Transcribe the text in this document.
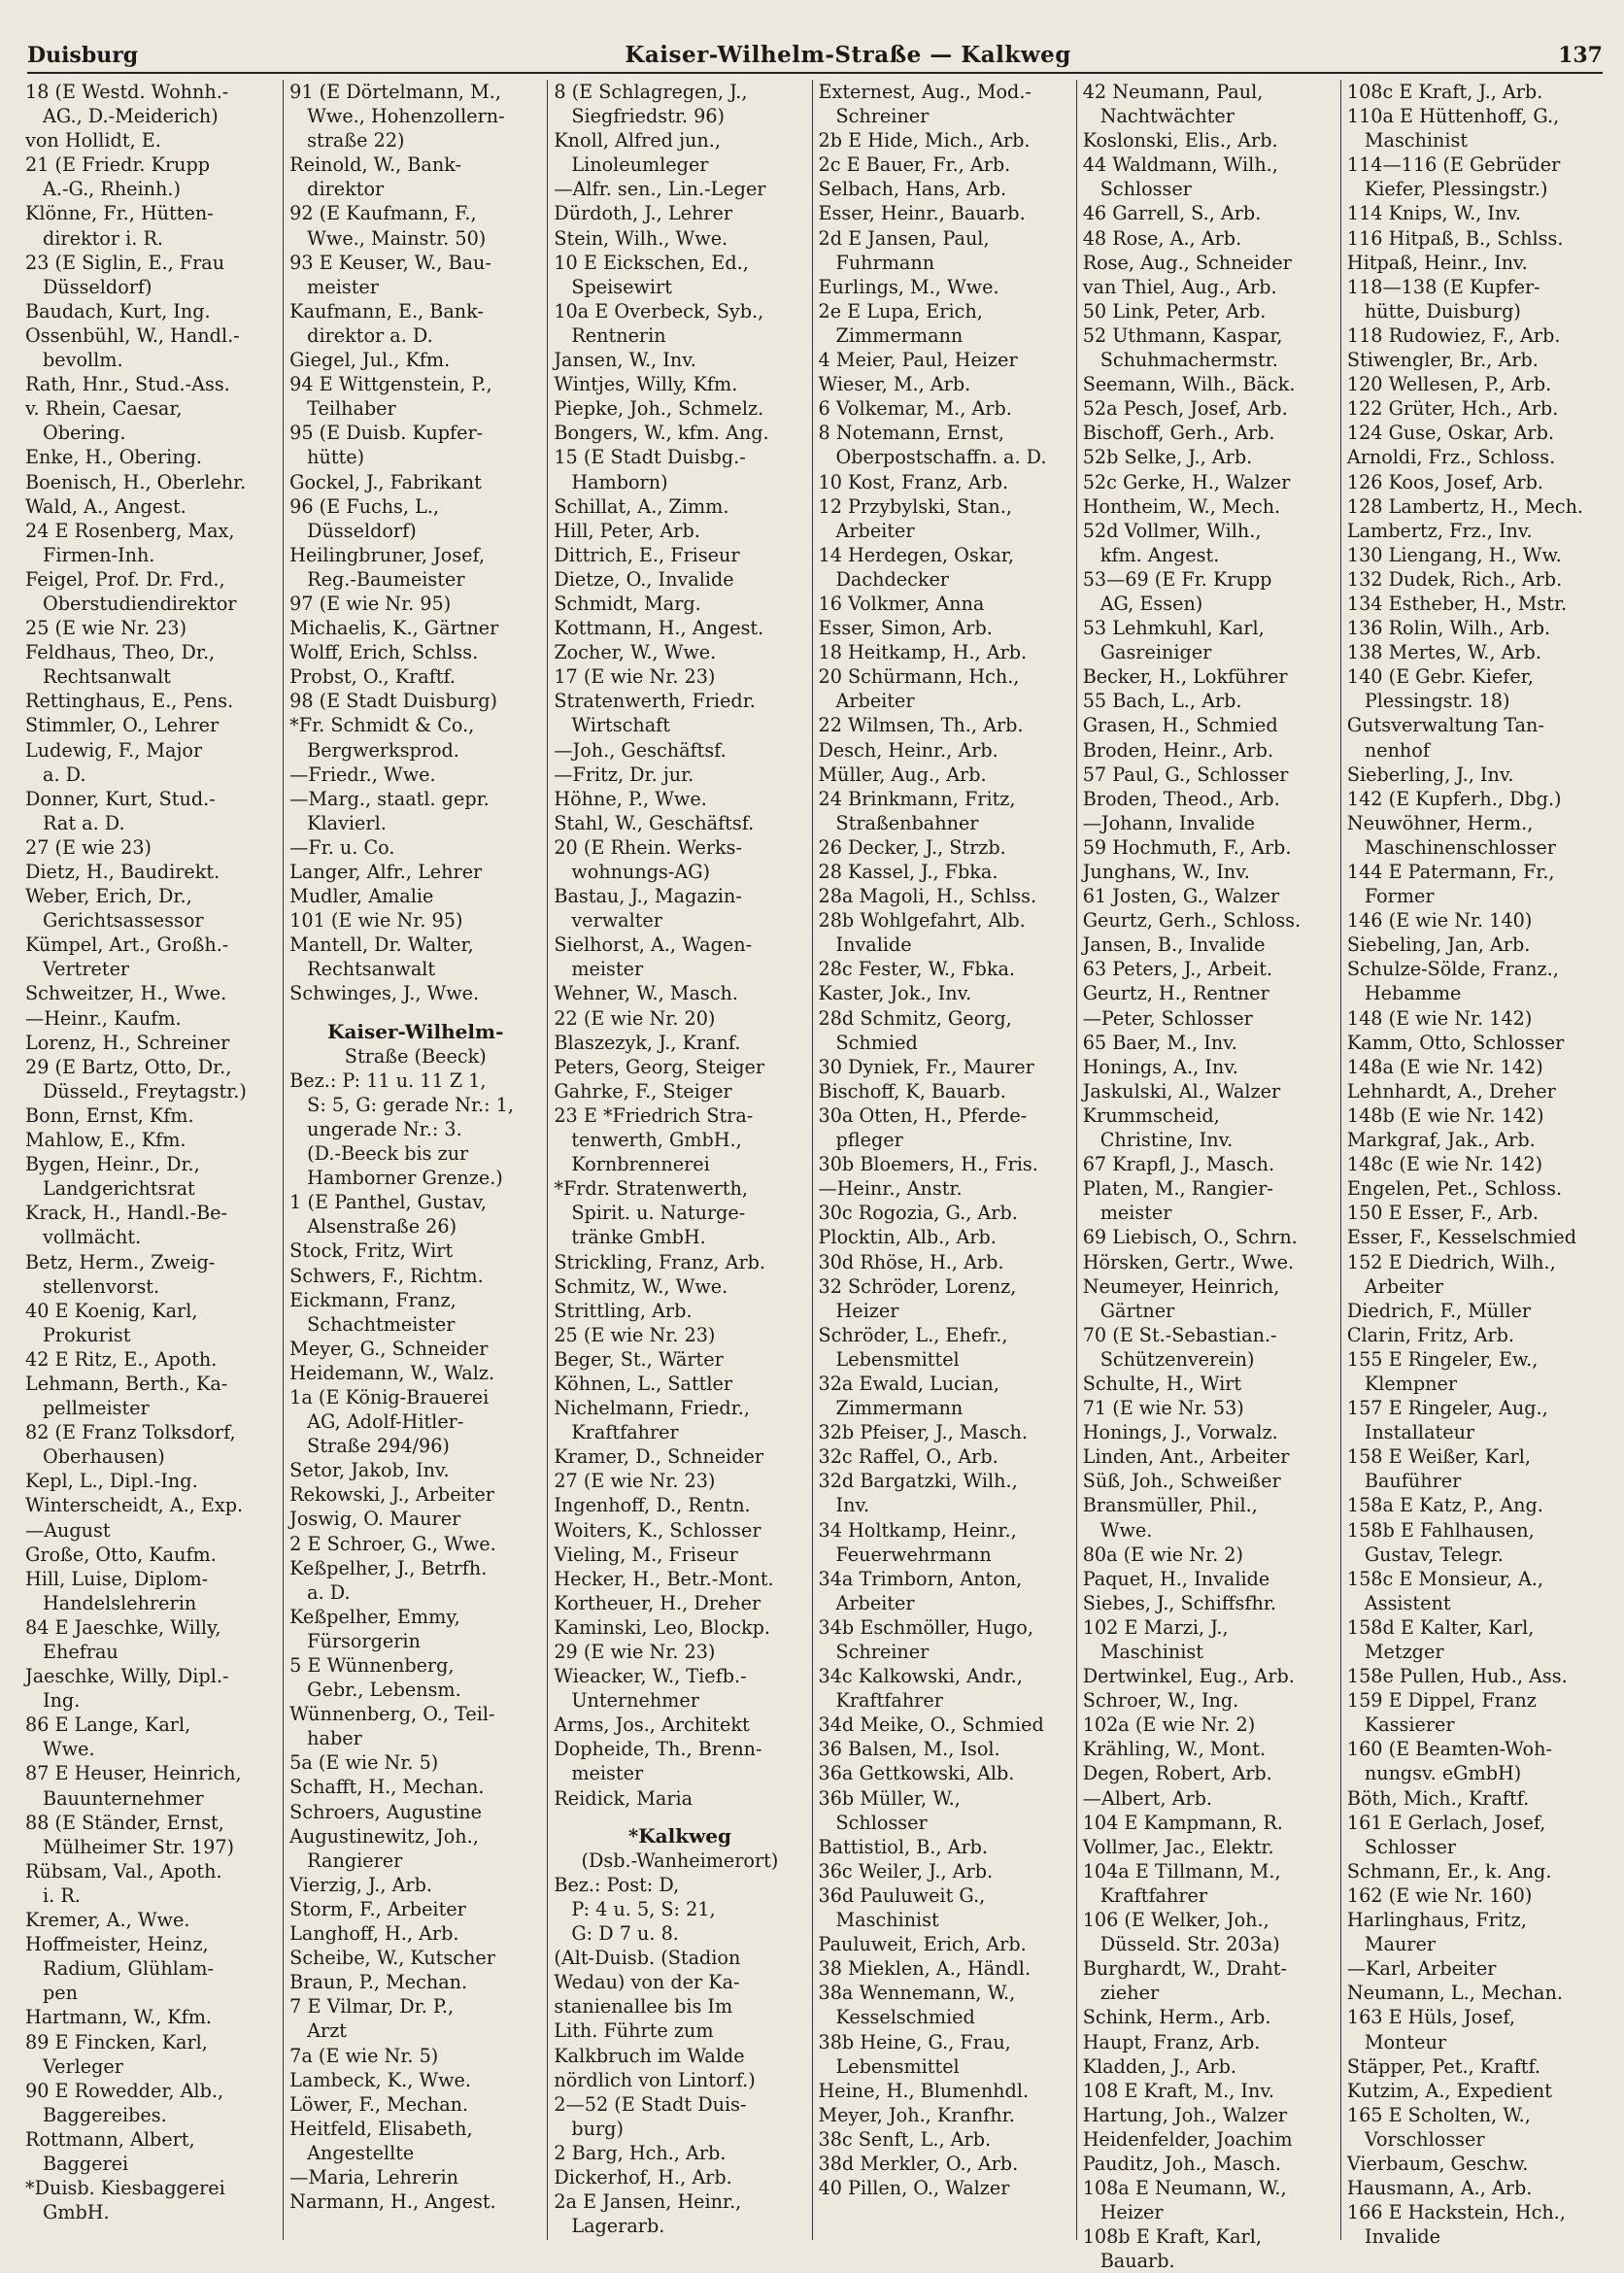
Duisburg	Kaiser-Wilhelm-Straße — Kalkweg	137
18 (E Westd. Wohnh.-
AG., D.-Meiderich)
von Hollidt, E.
21 (E Friedr. Krupp
A.-G., Rheinh.)
Klönne, Fr., Hütten-
direktor i. R.
23 (E Siglin, E., Frau
Düsseldorf)
Baudach, Kurt, Ing.
Ossenbühl, W., Handl.-
bevollm.
Rath, Hnr., Stud.-Ass.
v. Rhein, Caesar,
Obering.
Enke, H., Obering.
Boenisch, H., Oberlehr.
Wald, A., Angest.
24 E Rosenberg, Max,
Firmen-Inh.
Feigel, Prof. Dr. Frd.,
Oberstudiendirektor
25 (E wie Nr. 23)
Feldhaus, Theo, Dr.,
Rechtsanwalt
Rettinghaus, E., Pens.
Stimmler, O., Lehrer
Ludewig, F., Major
a. D.
Donner, Kurt, Stud.-
Rat a. D.
27 (E wie 23)
Dietz, H., Baudirekt.
Weber, Erich, Dr.,
Gerichtsassessor
Kümpel, Art., Großh.-
Vertreter
Schweitzer, H., Wwe.
—Heinr., Kaufm.
Lorenz, H., Schreiner
29 (E Bartz, Otto, Dr.,
Düsseld., Freytagstr.)
Bonn, Ernst, Kfm.
Mahlow, E., Kfm.
Bygen, Heinr., Dr.,
Landgerichtsrat
Krack, H., Handl.-Be-
vollmächt.
Betz, Herm., Zweig-
stellenvorst.
40 E Koenig, Karl,
Prokurist
42 E Ritz, E., Apoth.
Lehmann, Berth., Ka-
pellmeister
82 (E Franz Tolksdorf,
Oberhausen)
Kepl, L., Dipl.-Ing.
Winterscheidt, A., Exp.
—August
Große, Otto, Kaufm.
Hill, Luise, Diplom-
Handelslehrerin
84 E Jaeschke, Willy,
Ehefrau
Jaeschke, Willy, Dipl.-
Ing.
86 E Lange, Karl,
Wwe.
87 E Heuser, Heinrich,
Bauunternehmer
88 (E Ständer, Ernst,
Mülheimer Str. 197)
Rübsam, Val., Apoth.
i. R.
Kremer, A., Wwe.
Hoffmeister, Heinz,
Radium, Glühlam-
pen
Hartmann, W., Kfm.
89 E Fincken, Karl,
Verleger
90 E Rowedder, Alb.,
Baggereibes.
Rottmann, Albert,
Baggerei
*Duisb. Kiesbaggerei
GmbH.
91 (E Dörtelmann, M.,
Wwe., Hohenzollern-
straße 22)
Reinold, W., Bank-
direktor
92 (E Kaufmann, F.,
Wwe., Mainstr. 50)
93 E Keuser, W., Bau-
meister
Kaufmann, E., Bank-
direktor a. D.
Giegel, Jul., Kfm.
94 E Wittgenstein, P.,
Teilhaber
95 (E Duisb. Kupfer-
hütte)
Gockel, J., Fabrikant
96 (E Fuchs, L.,
Düsseldorf)
Heilingbruner, Josef,
Reg.-Baumeister
97 (E wie Nr. 95)
Michaelis, K., Gärtner
Wolff, Erich, Schlss.
Probst, O., Kraftf.
98 (E Stadt Duisburg)
*Fr. Schmidt & Co.,
Bergwerksprod.
—Friedr., Wwe.
—Marg., staatl. gepr.
Klavierl.
—Fr. u. Co.
Langer, Alfr., Lehrer
Mudler, Amalie
101 (E wie Nr. 95)
Mantell, Dr. Walter,
Rechtsanwalt
Schwinges, J., Wwe.
Kaiser-Wilhelm-
Straße (Beeck)
Bez.: P: 11 u. 11 Z 1,
S: 5, G: gerade Nr.: 1,
ungerade Nr.: 3.
(D.-Beeck bis zur
Hamborner Grenze.)
1 (E Panthel, Gustav,
Alsenstraße 26)
Stock, Fritz, Wirt
Schwers, F., Richtm.
Eickmann, Franz,
Schachtmeister
Meyer, G., Schneider
Heidemann, W., Walz.
1a (E König-Brauerei
AG, Adolf-Hitler-
Straße 294/96)
Setor, Jakob, Inv.
Rekowski, J., Arbeiter
Joswig, O. Maurer
2 E Schroer, G., Wwe.
Keßpelher, J., Betrfh.
a. D.
Keßpelher, Emmy,
Fürsorgerin
5 E Wünnenberg,
Gebr., Lebensm.
Wünnenberg, O., Teil-
haber
5a (E wie Nr. 5)
Schafft, H., Mechan.
Schroers, Augustine
Augustinewitz, Joh.,
Rangierer
Vierzig, J., Arb.
Storm, F., Arbeiter
Langhoff, H., Arb.
Scheibe, W., Kutscher
Braun, P., Mechan.
7 E Vilmar, Dr. P.,
Arzt
7a (E wie Nr. 5)
Lambeck, K., Wwe.
Löwer, F., Mechan.
Heitfeld, Elisabeth,
Angestellte
—Maria, Lehrerin
Narmann, H., Angest.
8 (E Schlagregen, J.,
Siegfriedstr. 96)
Knoll, Alfred jun.,
Linoleumleger
—Alfr. sen., Lin.-Leger
Dürdoth, J., Lehrer
Stein, Wilh., Wwe.
10 E Eickschen, Ed.,
Speisewirt
10a E Overbeck, Syb.,
Rentnerin
Jansen, W., Inv.
Wintjes, Willy, Kfm.
Piepke, Joh., Schmelz.
Bongers, W., kfm. Ang.
15 (E Stadt Duisbg.-
Hamborn)
Schillat, A., Zimm.
Hill, Peter, Arb.
Dittrich, E., Friseur
Dietze, O., Invalide
Schmidt, Marg.
Kottmann, H., Angest.
Zocher, W., Wwe.
17 (E wie Nr. 23)
Stratenwerth, Friedr.
Wirtschaft
—Joh., Geschäftsf.
—Fritz, Dr. jur.
Höhne, P., Wwe.
Stahl, W., Geschäftsf.
20 (E Rhein. Werks-
wohnungs-AG)
Bastau, J., Magazin-
verwalter
Sielhorst, A., Wagen-
meister
Wehner, W., Masch.
22 (E wie Nr. 20)
Blaszezyk, J., Kranf.
Peters, Georg, Steiger
Gahrke, F., Steiger
23 E *Friedrich Stra-
tenwerth, GmbH.,
Kornbrennerei
*Frdr. Stratenwerth,
Spirit. u. Naturge-
tränke GmbH.
Strickling, Franz, Arb.
Schmitz, W., Wwe.
Strittling, Arb.
25 (E wie Nr. 23)
Beger, St., Wärter
Köhnen, L., Sattler
Nichelmann, Friedr.,
Kraftfahrer
Kramer, D., Schneider
27 (E wie Nr. 23)
Ingenhoff, D., Rentn.
Woiters, K., Schlosser
Vieling, M., Friseur
Hecker, H., Betr.-Mont.
Kortheuer, H., Dreher
Kaminski, Leo, Blockp.
29 (E wie Nr. 23)
Wieacker, W., Tiefb.-
Unternehmer
Arms, Jos., Architekt
Dopheide, Th., Brenn-
meister
Reidick, Maria
*Kalkweg
(Dsb.-Wanheimerort)
Bez.: Post: D,
P: 4 u. 5, S: 21,
G: D 7 u. 8.
(Alt-Duisb. (Stadion
Wedau) von der Ka-
stanienallee bis Im
Lith. Führte zum
Kalkbruch im Walde
nördlich von Lintorf.)
2—52 (E Stadt Duis-
burg)
2 Barg, Hch., Arb.
Dickerhof, H., Arb.
2a E Jansen, Heinr.,
Lagerarb.
Externest, Aug., Mod.-
Schreiner
2b E Hide, Mich., Arb.
2c E Bauer, Fr., Arb.
Selbach, Hans, Arb.
Esser, Heinr., Bauarb.
2d E Jansen, Paul,
Fuhrmann
Eurlings, M., Wwe.
2e E Lupa, Erich,
Zimmermann
4 Meier, Paul, Heizer
Wieser, M., Arb.
6 Volkemar, M., Arb.
8 Notemann, Ernst,
Oberpostschaffn. a. D.
10 Kost, Franz, Arb.
12 Przybylski, Stan.,
Arbeiter
14 Herdegen, Oskar,
Dachdecker
16 Volkmer, Anna
Esser, Simon, Arb.
18 Heitkamp, H., Arb.
20 Schürmann, Hch.,
Arbeiter
22 Wilmsen, Th., Arb.
Desch, Heinr., Arb.
Müller, Aug., Arb.
24 Brinkmann, Fritz,
Straßenbahner
26 Decker, J., Strzb.
28 Kassel, J., Fbka.
28a Magoli, H., Schlss.
28b Wohlgefahrt, Alb.
Invalide
28c Fester, W., Fbka.
Kaster, Jok., Inv.
28d Schmitz, Georg,
Schmied
30 Dyniek, Fr., Maurer
Bischoff, K, Bauarb.
30a Otten, H., Pferde-
pfleger
30b Bloemers, H., Fris.
—Heinr., Anstr.
30c Rogozia, G., Arb.
Plocktin, Alb., Arb.
30d Rhöse, H., Arb.
32 Schröder, Lorenz,
Heizer
Schröder, L., Ehefr.,
Lebensmittel
32a Ewald, Lucian,
Zimmermann
32b Pfeiser, J., Masch.
32c Raffel, O., Arb.
32d Bargatzki, Wilh.,
Inv.
34 Holtkamp, Heinr.,
Feuerwehrmann
34a Trimborn, Anton,
Arbeiter
34b Eschmöller, Hugo,
Schreiner
34c Kalkowski, Andr.,
Kraftfahrer
34d Meike, O., Schmied
36 Balsen, M., Isol.
36a Gettkowski, Alb.
36b Müller, W.,
Schlosser
Battistiol, B., Arb.
36c Weiler, J., Arb.
36d Pauluweit G.,
Maschinist
Pauluweit, Erich, Arb.
38 Mieklen, A., Händl.
38a Wennemann, W.,
Kesselschmied
38b Heine, G., Frau,
Lebensmittel
Heine, H., Blumenhdl.
Meyer, Joh., Kranfhr.
38c Senft, L., Arb.
38d Merkler, O., Arb.
40 Pillen, O., Walzer
42 Neumann, Paul,
Nachtwächter
Koslonski, Elis., Arb.
44 Waldmann, Wilh.,
Schlosser
46 Garrell, S., Arb.
48 Rose, A., Arb.
Rose, Aug., Schneider
van Thiel, Aug., Arb.
50 Link, Peter, Arb.
52 Uthmann, Kaspar,
Schuhmachermstr.
Seemann, Wilh., Bäck.
52a Pesch, Josef, Arb.
Bischoff, Gerh., Arb.
52b Selke, J., Arb.
52c Gerke, H., Walzer
Hontheim, W., Mech.
52d Vollmer, Wilh.,
kfm. Angest.
53—69 (E Fr. Krupp
AG, Essen)
53 Lehmkuhl, Karl,
Gasreiniger
Becker, H., Lokführer
55 Bach, L., Arb.
Grasen, H., Schmied
Broden, Heinr., Arb.
57 Paul, G., Schlosser
Broden, Theod., Arb.
—Johann, Invalide
59 Hochmuth, F., Arb.
Junghans, W., Inv.
61 Josten, G., Walzer
Geurtz, Gerh., Schloss.
Jansen, B., Invalide
63 Peters, J., Arbeit.
Geurtz, H., Rentner
—Peter, Schlosser
65 Baer, M., Inv.
Honings, A., Inv.
Jaskulski, Al., Walzer
Krummscheid,
Christine, Inv.
67 Krapfl, J., Masch.
Platen, M., Rangier-
meister
69 Liebisch, O., Schrn.
Hörsken, Gertr., Wwe.
Neumeyer, Heinrich,
Gärtner
70 (E St.-Sebastian.-
Schützenverein)
Schulte, H., Wirt
71 (E wie Nr. 53)
Honings, J., Vorwalz.
Linden, Ant., Arbeiter
Süß, Joh., Schweißer
Bransmüller, Phil.,
Wwe.
80a (E wie Nr. 2)
Paquet, H., Invalide
Siebes, J., Schiffsfhr.
102 E Marzi, J.,
Maschinist
Dertwinkel, Eug., Arb.
Schroer, W., Ing.
102a (E wie Nr. 2)
Krähling, W., Mont.
Degen, Robert, Arb.
—Albert, Arb.
104 E Kampmann, R.
Vollmer, Jac., Elektr.
104a E Tillmann, M.,
Kraftfahrer
106 (E Welker, Joh.,
Düsseld. Str. 203a)
Burghardt, W., Draht-
zieher
Schink, Herm., Arb.
Haupt, Franz, Arb.
Kladden, J., Arb.
108 E Kraft, M., Inv.
Hartung, Joh., Walzer
Heidenfelder, Joachim
Pauditz, Joh., Masch.
108a E Neumann, W.,
Heizer
108b E Kraft, Karl,
Bauarb.
108c E Kraft, J., Arb.
110a E Hüttenhoff, G.,
Maschinist
114—116 (E Gebrüder
Kiefer, Plessingstr.)
114 Knips, W., Inv.
116 Hitpaß, B., Schlss.
Hitpaß, Heinr., Inv.
118—138 (E Kupfer-
hütte, Duisburg)
118 Rudowiez, F., Arb.
Stiwengler, Br., Arb.
120 Wellesen, P., Arb.
122 Grüter, Hch., Arb.
124 Guse, Oskar, Arb.
Arnoldi, Frz., Schloss.
126 Koos, Josef, Arb.
128 Lambertz, H., Mech.
Lambertz, Frz., Inv.
130 Liengang, H., Ww.
132 Dudek, Rich., Arb.
134 Estheber, H., Mstr.
136 Rolin, Wilh., Arb.
138 Mertes, W., Arb.
140 (E Gebr. Kiefer,
Plessingstr. 18)
Gutsverwaltung Tan-
nenhof
Sieberling, J., Inv.
142 (E Kupferh., Dbg.)
Neuwöhner, Herm.,
Maschinenschlosser
144 E Patermann, Fr.,
Former
146 (E wie Nr. 140)
Siebeling, Jan, Arb.
Schulze-Sölde, Franz.,
Hebamme
148 (E wie Nr. 142)
Kamm, Otto, Schlosser
148a (E wie Nr. 142)
Lehnhardt, A., Dreher
148b (E wie Nr. 142)
Markgraf, Jak., Arb.
148c (E wie Nr. 142)
Engelen, Pet., Schloss.
150 E Esser, F., Arb.
Esser, F., Kesselschmied
152 E Diedrich, Wilh.,
Arbeiter
Diedrich, F., Müller
Clarin, Fritz, Arb.
155 E Ringeler, Ew.,
Klempner
157 E Ringeler, Aug.,
Installateur
158 E Weißer, Karl,
Bauführer
158a E Katz, P., Ang.
158b E Fahlhausen,
Gustav, Telegr.
158c E Monsieur, A.,
Assistent
158d E Kalter, Karl,
Metzger
158e Pullen, Hub., Ass.
159 E Dippel, Franz
Kassierer
160 (E Beamten-Woh-
nungsv. eGmbH)
Böth, Mich., Kraftf.
161 E Gerlach, Josef,
Schlosser
Schmann, Er., k. Ang.
162 (E wie Nr. 160)
Harlinghaus, Fritz,
Maurer
—Karl, Arbeiter
Neumann, L., Mechan.
163 E Hüls, Josef,
Monteur
Stäpper, Pet., Kraftf.
Kutzim, A., Expedient
165 E Scholten, W.,
Vorschlosser
Vierbaum, Geschw.
Hausmann, A., Arb.
166 E Hackstein, Hch.,
Invalide
